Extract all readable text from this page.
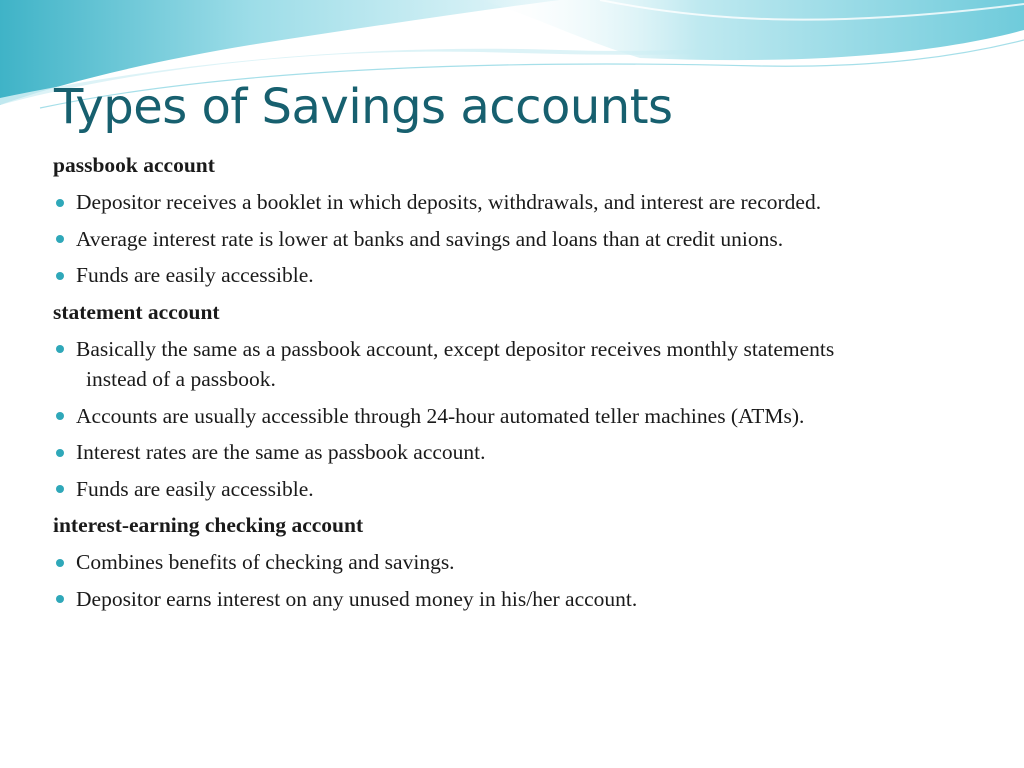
Types of Savings accounts
passbook account
Depositor receives a booklet in which deposits, withdrawals, and interest are recorded.
Average interest rate is lower at banks and savings and loans than at credit unions.
Funds are easily accessible.
statement account
Basically the same as a passbook account, except depositor receives monthly statements
instead of a passbook.
Accounts are usually accessible through 24-hour automated teller machines (ATMs).
Interest rates are the same as passbook account.
Funds are easily accessible.
interest-earning checking account
Combines benefits of checking and savings.
Depositor earns interest on any unused money in his/her account.
